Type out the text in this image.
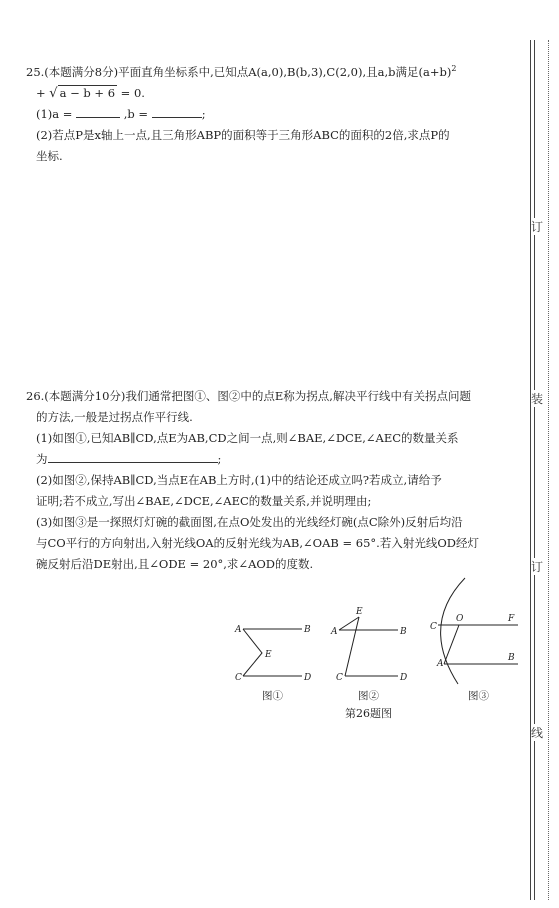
25.(本题满分8分)平面直角坐标系中,已知点A(a,0),B(b,3),C(2,0),且a,b满足$(a+b)^2$
+ √ a − b + 6 = 0.
(1)a =	,b =	;
(2)若点P是x轴上一点,且三角形ABP的面积等于三角形ABC的面积的2倍,求点P的
坐标.
26.(本题满分10分)我们通常把图①、图②中的点E称为拐点,解决平行线中有关拐点问题
的方法,一般是过拐点作平行线.
(1)如图①,已知AB∥CD,点E为AB,CD之间一点,则∠BAE,∠DCE,∠AEC的数量关系
为	;
(2)如图②,保持AB∥CD,当点E在AB上方时,(1)中的结论还成立吗?若成立,请给予
证明;若不成立,写出∠BAE,∠DCE,∠AEC的数量关系,并说明理由;
(3)如图③是一探照灯灯碗的截面图,在点O处发出的光线经灯碗(点C除外)反射后均沿
与CO平行的方向射出,入射光线OA的反射光线为AB,∠OAB = 65°.若入射光线OD经灯
碗反射后沿DE射出,且∠ODE = 20°,求∠AOD的度数.
A	B
E
C	D
E
A	B
C	D
C
O	F
A
B
图①	图②	图③
第26题图
订
装
订
线
